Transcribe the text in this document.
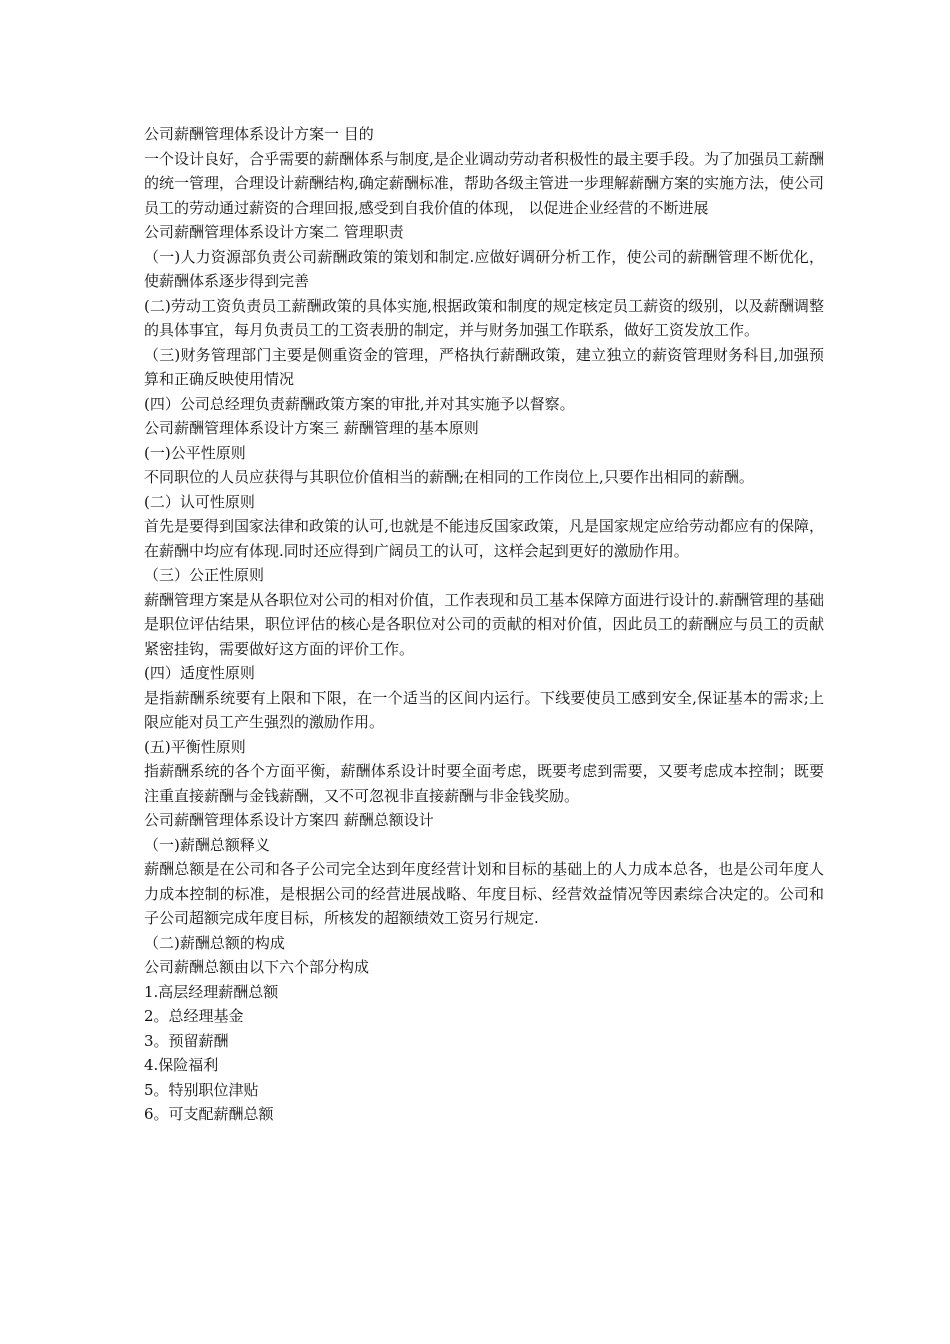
公司薪酬管理体系设计方案一 目的

一个设计良好，合乎需要的薪酬体系与制度,是企业调动劳动者积极性的最主要手段。为了加强员工薪酬 的统一管理，合理设计薪酬结构,确定薪酬标准，帮助各级主管进一步理解薪酬方案的实施方法，使公司员工的劳动通过薪资的合理回报,感受到自我价值的体现， 以促进企业经营的不断进展

公司薪酬管理体系设计方案二 管理职责

（一)人力资源部负责公司薪酬政策的策划和制定.应做好调研分析工作，使公司的薪酬管理不断优化，使薪酬体系逐步得到完善

(二)劳动工资负责员工薪酬政策的具体实施,根据政策和制度的规定核定员工薪资的级别，以及薪酬调整的具体事宜，每月负责员工的工资表册的制定，并与财务加强工作联系，做好工资发放工作。

（三)财务管理部门主要是侧重资金的管理，严格执行薪酬政策，建立独立的薪资管理财务科目,加强预算和正确反映使用情况

(四）公司总经理负责薪酬政策方案的审批,并对其实施予以督察。

公司薪酬管理体系设计方案三 薪酬管理的基本原则

(一)公平性原则

不同职位的人员应获得与其职位价值相当的薪酬;在相同的工作岗位上,只要作出相同的薪酬。

(二）认可性原则

首先是要得到国家法律和政策的认可,也就是不能违反国家政策，凡是国家规定应给劳动都应有的保障，在薪酬中均应有体现.同时还应得到广阔员工的认可，这样会起到更好的激励作用。

（三）公正性原则

薪酬管理方案是从各职位对公司的相对价值，工作表现和员工基本保障方面进行设计的.薪酬管理的基础是职位评估结果，职位评估的核心是各职位对公司的贡献的相对价值，因此员工的薪酬应与员工的贡献紧密挂钩，需要做好这方面的评价工作。

(四）适度性原则

是指薪酬系统要有上限和下限，在一个适当的区间内运行。下线要使员工感到安全,保证基本的需求;上限应能对员工产生强烈的激励作用。

(五)平衡性原则

指薪酬系统的各个方面平衡，薪酬体系设计时要全面考虑，既要考虑到需要，又要考虑成本控制；既要注重直接薪酬与金钱薪酬，又不可忽视非直接薪酬与非金钱奖励。

公司薪酬管理体系设计方案四 薪酬总额设计

（一)薪酬总额释义

薪酬总额是在公司和各子公司完全达到年度经营计划和目标的基础上的人力成本总各，也是公司年度人力成本控制的标准，是根据公司的经营进展战略、年度目标、经营效益情况等因素综合决定的。公司和子公司超额完成年度目标，所核发的超额绩效工资另行规定.

（二)薪酬总额的构成

公司薪酬总额由以下六个部分构成

1.高层经理薪酬总额

2。总经理基金

3。预留薪酬

4.保险福利

5。特别职位津贴

6。可支配薪酬总额
